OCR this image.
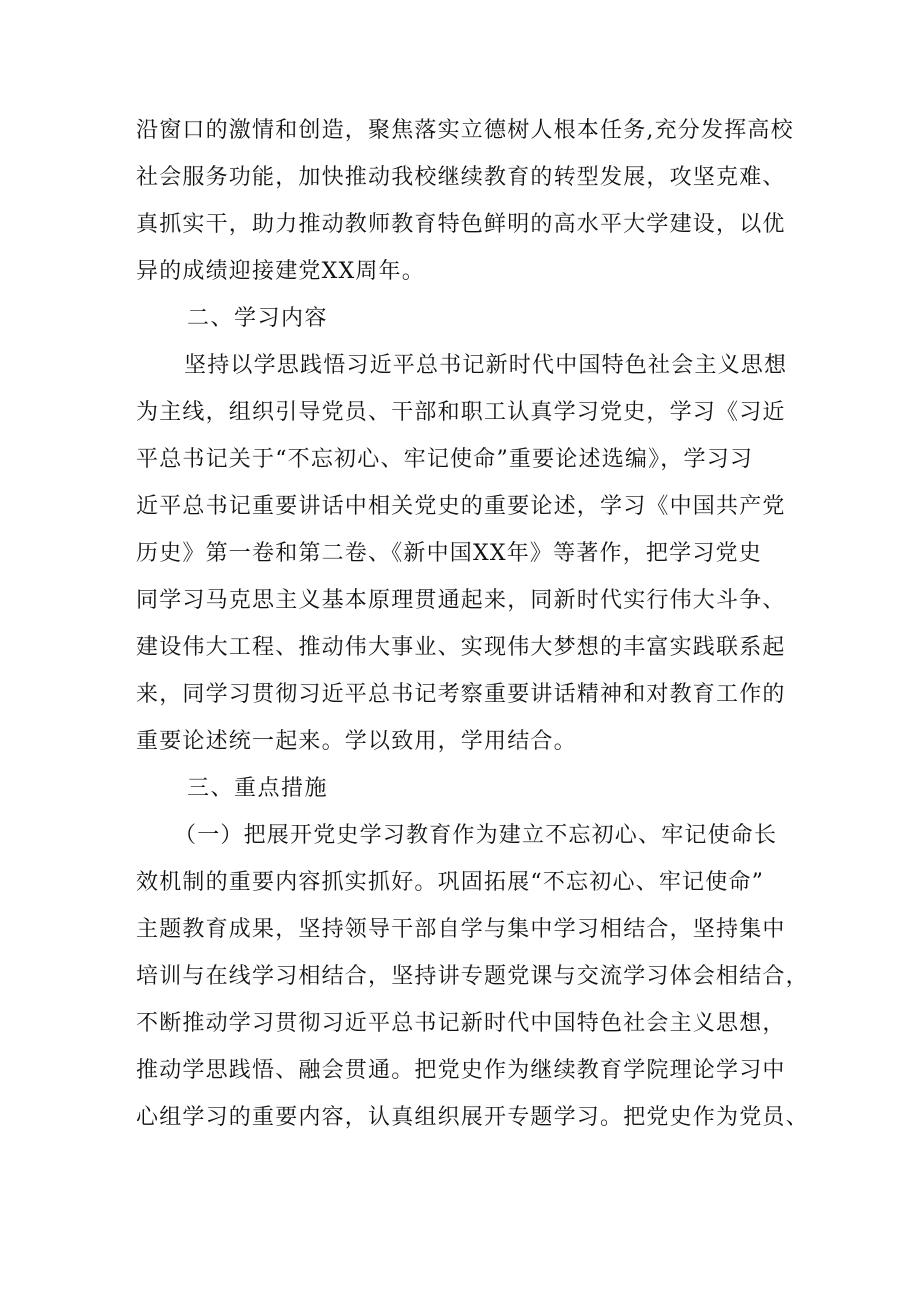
沿窗口的激情和创造，聚焦落实立德树人根本任务,充分发挥高校
社会服务功能，加快推动我校继续教育的转型发展，攻坚克难、
真抓实干，助力推动教师教育特色鲜明的高水平大学建设，以优
异的成绩迎接建党XX周年。
二、学习内容
坚持以学思践悟习近平总书记新时代中国特色社会主义思想
为主线，组织引导党员、干部和职工认真学习党史，学习《习近
平总书记关于“不忘初心、牢记使命”重要论述选编》，学习习
近平总书记重要讲话中相关党史的重要论述，学习《中国共产党
历史》第一卷和第二卷、《新中国XX年》等著作，把学习党史
同学习马克思主义基本原理贯通起来，同新时代实行伟大斗争、
建设伟大工程、推动伟大事业、实现伟大梦想的丰富实践联系起
来，同学习贯彻习近平总书记考察重要讲话精神和对教育工作的
重要论述统一起来。学以致用，学用结合。
三、重点措施
（一）把展开党史学习教育作为建立不忘初心、牢记使命长
效机制的重要内容抓实抓好。巩固拓展“不忘初心、牢记使命”
主题教育成果，坚持领导干部自学与集中学习相结合，坚持集中
培训与在线学习相结合，坚持讲专题党课与交流学习体会相结合，
不断推动学习贯彻习近平总书记新时代中国特色社会主义思想，
推动学思践悟、融会贯通。把党史作为继续教育学院理论学习中
心组学习的重要内容，认真组织展开专题学习。把党史作为党员、
